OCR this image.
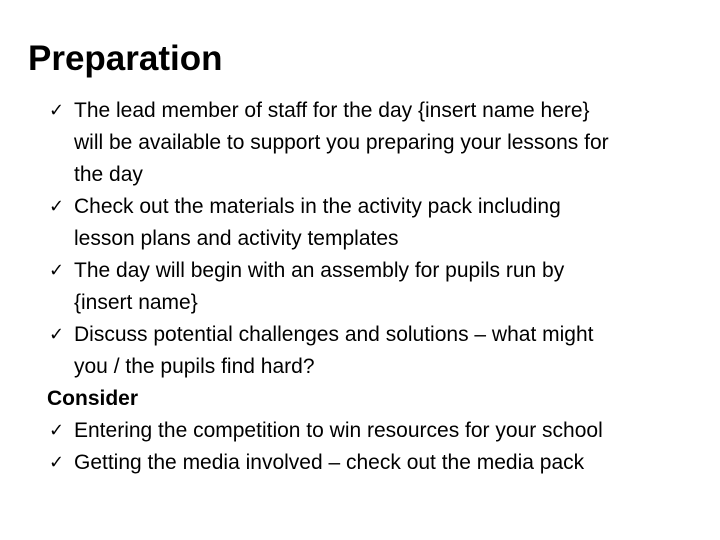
Preparation
✓ The lead member of staff for the day {insert name here}
will be available to support you preparing your lessons for
the day
✓ Check out the materials in the activity pack including
lesson plans and activity templates
✓ The day will begin with an assembly for pupils run by
{insert name}
✓ Discuss potential challenges and solutions – what might
you / the pupils find hard?
Consider
✓ Entering the competition to win resources for your school
✓ Getting the media involved – check out the media pack
